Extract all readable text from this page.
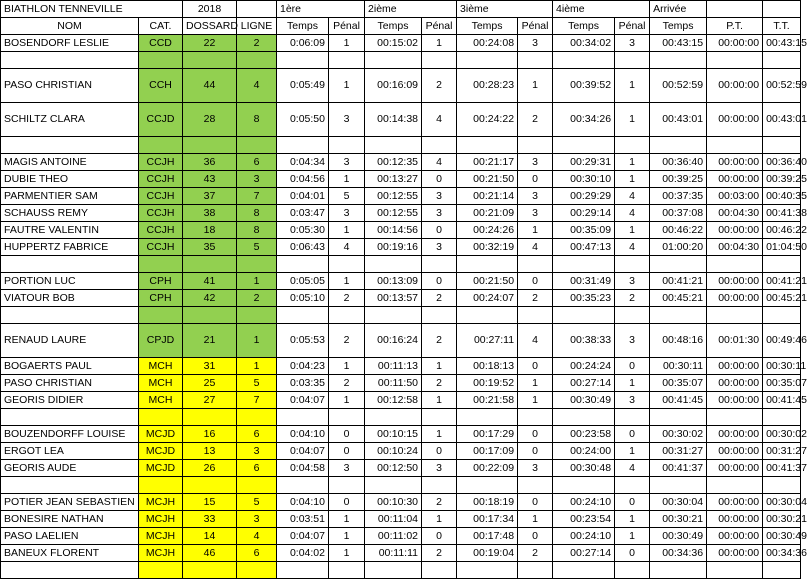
BIATHLON TENNEVILLE		2018		1ère		2ième		3ième		4ième		Arrivée		
NOM	CAT.	DOSSARD	LIGNE	Temps	Pénal	Temps	Pénal	Temps	Pénal	Temps	Pénal	Temps	P.T.	T.T.
BOSENDORF LESLIE	CCD	22	2	0:06:09	1	00:15:02	1	00:24:08	3	00:34:02	3	00:43:15	00:00:00	00:43:15

PASO CHRISTIAN	CCH	44	4	0:05:49	1	00:16:09	2	00:28:23	1	00:39:52	1	00:52:59	00:00:00	00:52:59
SCHILTZ CLARA	CCJD	28	8	0:05:50	3	00:14:38	4	00:24:22	2	00:34:26	1	00:43:01	00:00:00	00:43:01

MAGIS ANTOINE	CCJH	36	6	0:04:34	3	00:12:35	4	00:21:17	3	00:29:31	1	00:36:40	00:00:00	00:36:40
DUBIE THEO	CCJH	43	3	0:04:56	1	00:13:27	0	00:21:50	0	00:30:10	1	00:39:25	00:00:00	00:39:25
PARMENTIER SAM	CCJH	37	7	0:04:01	5	00:12:55	3	00:21:14	3	00:29:29	4	00:37:35	00:03:00	00:40:35
SCHAUSS REMY	CCJH	38	8	0:03:47	3	00:12:55	3	00:21:09	3	00:29:14	4	00:37:08	00:04:30	00:41:38
FAUTRE VALENTIN	CCJH	18	8	0:05:30	1	00:14:56	0	00:24:26	1	00:35:09	1	00:46:22	00:00:00	00:46:22
HUPPERTZ FABRICE	CCJH	35	5	0:06:43	4	00:19:16	3	00:32:19	4	00:47:13	4	01:00:20	00:04:30	01:04:50

PORTION LUC	CPH	41	1	0:05:05	1	00:13:09	0	00:21:50	0	00:31:49	3	00:41:21	00:00:00	00:41:21
VIATOUR BOB	CPH	42	2	0:05:10	2	00:13:57	2	00:24:07	2	00:35:23	2	00:45:21	00:00:00	00:45:21

RENAUD LAURE	CPJD	21	1	0:05:53	2	00:16:24	2	00:27:11	4	00:38:33	3	00:48:16	00:01:30	00:49:46
BOGAERTS PAUL	MCH	31	1	0:04:23	1	00:11:13	1	00:18:13	0	00:24:24	0	00:30:11	00:00:00	00:30:11
PASO CHRISTIAN	MCH	25	5	0:03:35	2	00:11:50	2	00:19:52	1	00:27:14	1	00:35:07	00:00:00	00:35:07
GEORIS DIDIER	MCH	27	7	0:04:07	1	00:12:58	1	00:21:58	1	00:30:49	3	00:41:45	00:00:00	00:41:45

BOUZENDORFF LOUISE	MCJD	16	6	0:04:10	0	00:10:15	1	00:17:29	0	00:23:58	0	00:30:02	00:00:00	00:30:02
ERGOT LEA	MCJD	13	3	0:04:07	0	00:10:24	0	00:17:09	0	00:24:00	1	00:31:27	00:00:00	00:31:27
GEORIS AUDE	MCJD	26	6	0:04:58	3	00:12:50	3	00:22:09	3	00:30:48	4	00:41:37	00:00:00	00:41:37

POTIER JEAN SEBASTIEN	MCJH	15	5	0:04:10	0	00:10:30	2	00:18:19	0	00:24:10	0	00:30:04	00:00:00	00:30:04
BONESIRE NATHAN	MCJH	33	3	0:03:51	1	00:11:04	1	00:17:34	1	00:23:54	1	00:30:21	00:00:00	00:30:21
PASO LAELIEN	MCJH	14	4	0:04:07	1	00:11:02	0	00:17:48	0	00:24:10	1	00:30:49	00:00:00	00:30:49
BANEUX FLORENT	MCJH	46	6	0:04:02	1	00:11:11	2	00:19:04	2	00:27:14	0	00:34:36	00:00:00	00:34:36
